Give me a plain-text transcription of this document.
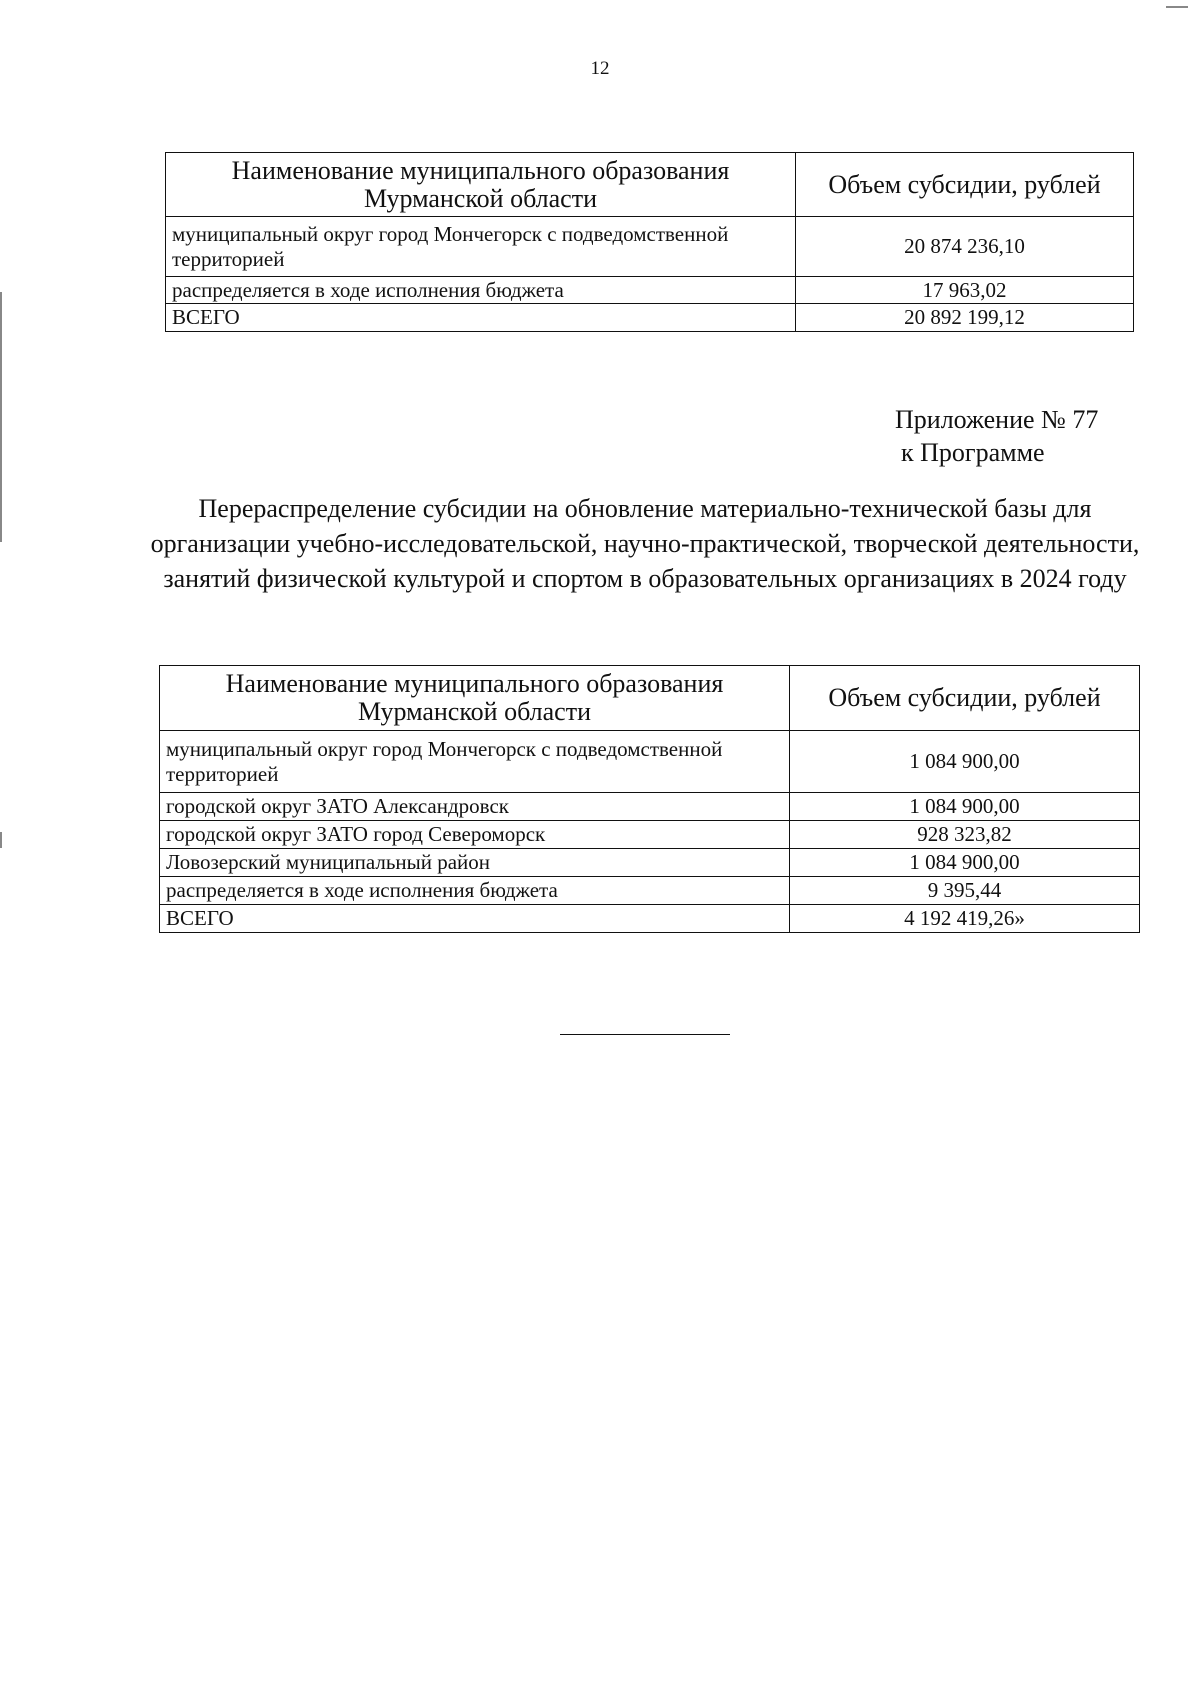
12
Наименование муниципального образования Мурманской области	Объем субсидии, рублей
муниципальный округ город Мончегорск с подведомственной территорией	20 874 236,10
распределяется в ходе исполнения бюджета	17 963,02
ВСЕГО	20 892 199,12
Приложение № 77
к Программе
Перераспределение субсидии на обновление материально-технической базы для организации учебно-исследовательской, научно-практической, творческой деятельности, занятий физической культурой и спортом в образовательных организациях в 2024 году
Наименование муниципального образования Мурманской области	Объем субсидии, рублей
муниципальный округ город Мончегорск с подведомственной территорией	1 084 900,00
городской округ ЗАТО Александровск	1 084 900,00
городской округ ЗАТО город Североморск	928 323,82
Ловозерский муниципальный район	1 084 900,00
распределяется в ходе исполнения бюджета	9 395,44
ВСЕГО	4 192 419,26»
